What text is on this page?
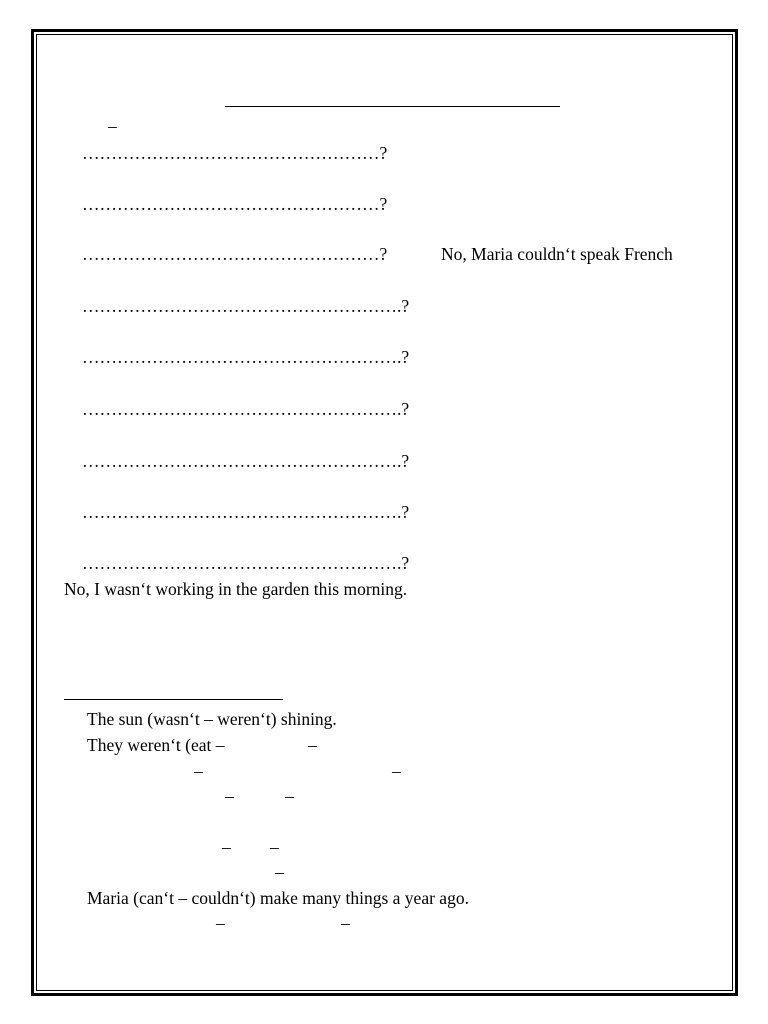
–
……………………………………………?
……………………………………………?
……………………………………………?	No, Maria couldn‘t speak French
……………………………………………….?
……………………………………………….?
……………………………………………….?
……………………………………………….?
……………………………………………….?
……………………………………………….?
No, I wasn‘t working in the garden this morning.
The sun (wasn‘t – weren‘t) shining.
They weren‘t (eat –	–
–	–
–	–
– –
–
Maria (can‘t – couldn‘t) make many things a year ago.
–	–
